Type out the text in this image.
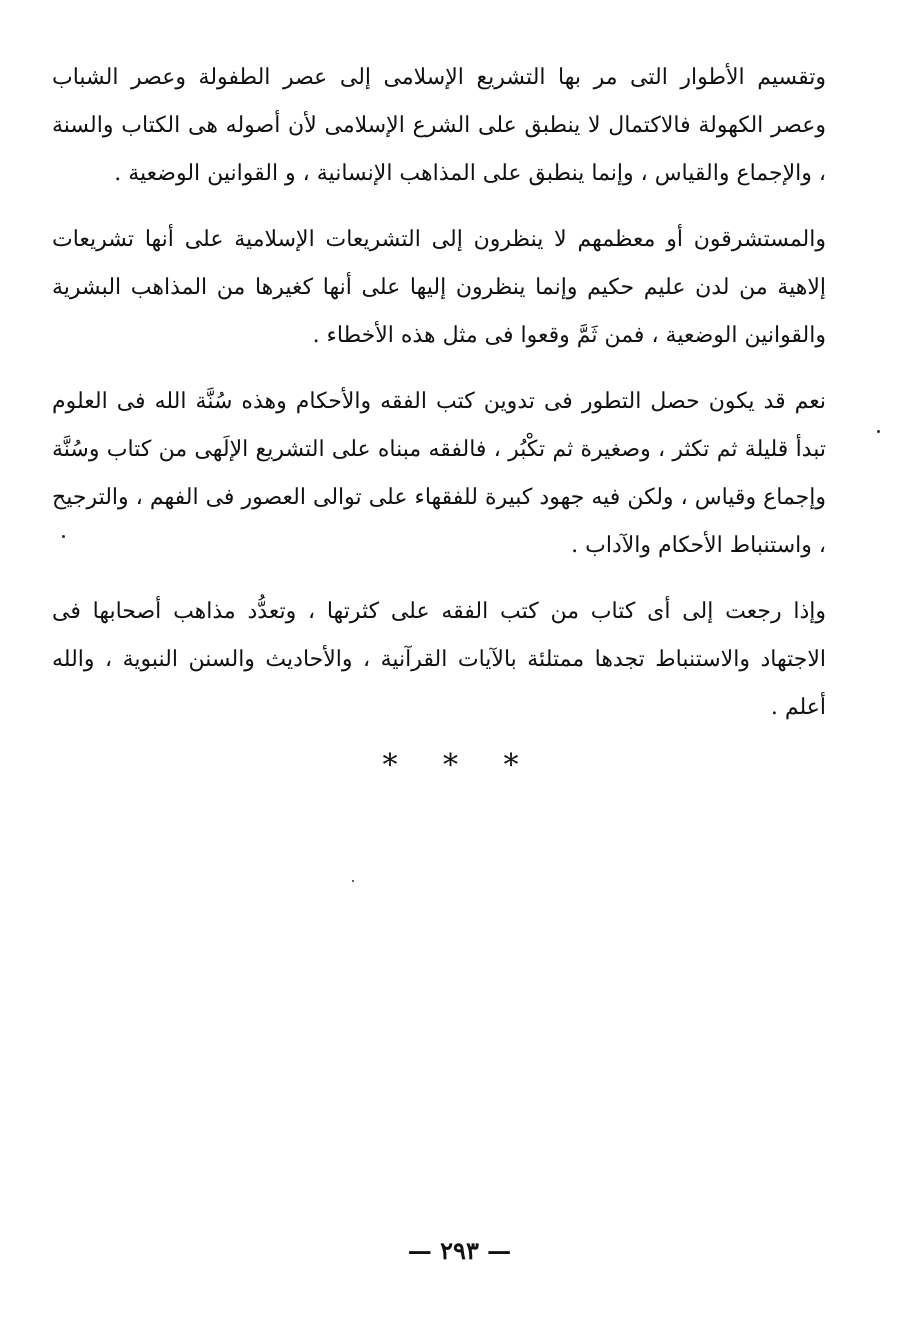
وتقسيم الأطوار التى مر بها التشريع الإسلامى إلى عصر الطفولة وعصر الشباب وعصر الكهولة فالاكتمال لا ينطبق على الشرع الإسلامى لأن أصوله هى الكتاب والسنة ، والإجماع والقياس ، وإنما ينطبق على المذاهب الإنسانية ، و القوانين الوضعية .

والمستشرقون أو معظمهم لا ينظرون إلى التشريعات الإسلامية على أنها تشريعات إلاهية من لدن عليم حكيم وإنما ينظرون إليها على أنها كغيرها من المذاهب البشرية والقوانين الوضعية ، فمن ثَمَّ وقعوا فى مثل هذه الأخطاء .

نعم قد يكون حصل التطور فى تدوين كتب الفقه والأحكام وهذه سُنَّة الله فى العلوم تبدأ قليلة ثم تكثر ، وصغيرة ثم تكْبُر ، فالفقه مبناه على التشريع الإلَهى من كتاب وسُنَّة وإجماع وقياس ، ولكن فيه جهود كبيرة للفقهاء على توالى العصور فى الفهم ، والترجيح ، واستنباط الأحكام والآداب .

وإذا رجعت إلى أى كتاب من كتب الفقه على كثرتها ، وتعدُّد مذاهب أصحابها فى الاجتهاد والاستنباط تجدها ممتلئة بالآيات القرآنية ، والأحاديث والسنن النبوية ، والله أعلم .

* * *
— ٢٩٣ —
